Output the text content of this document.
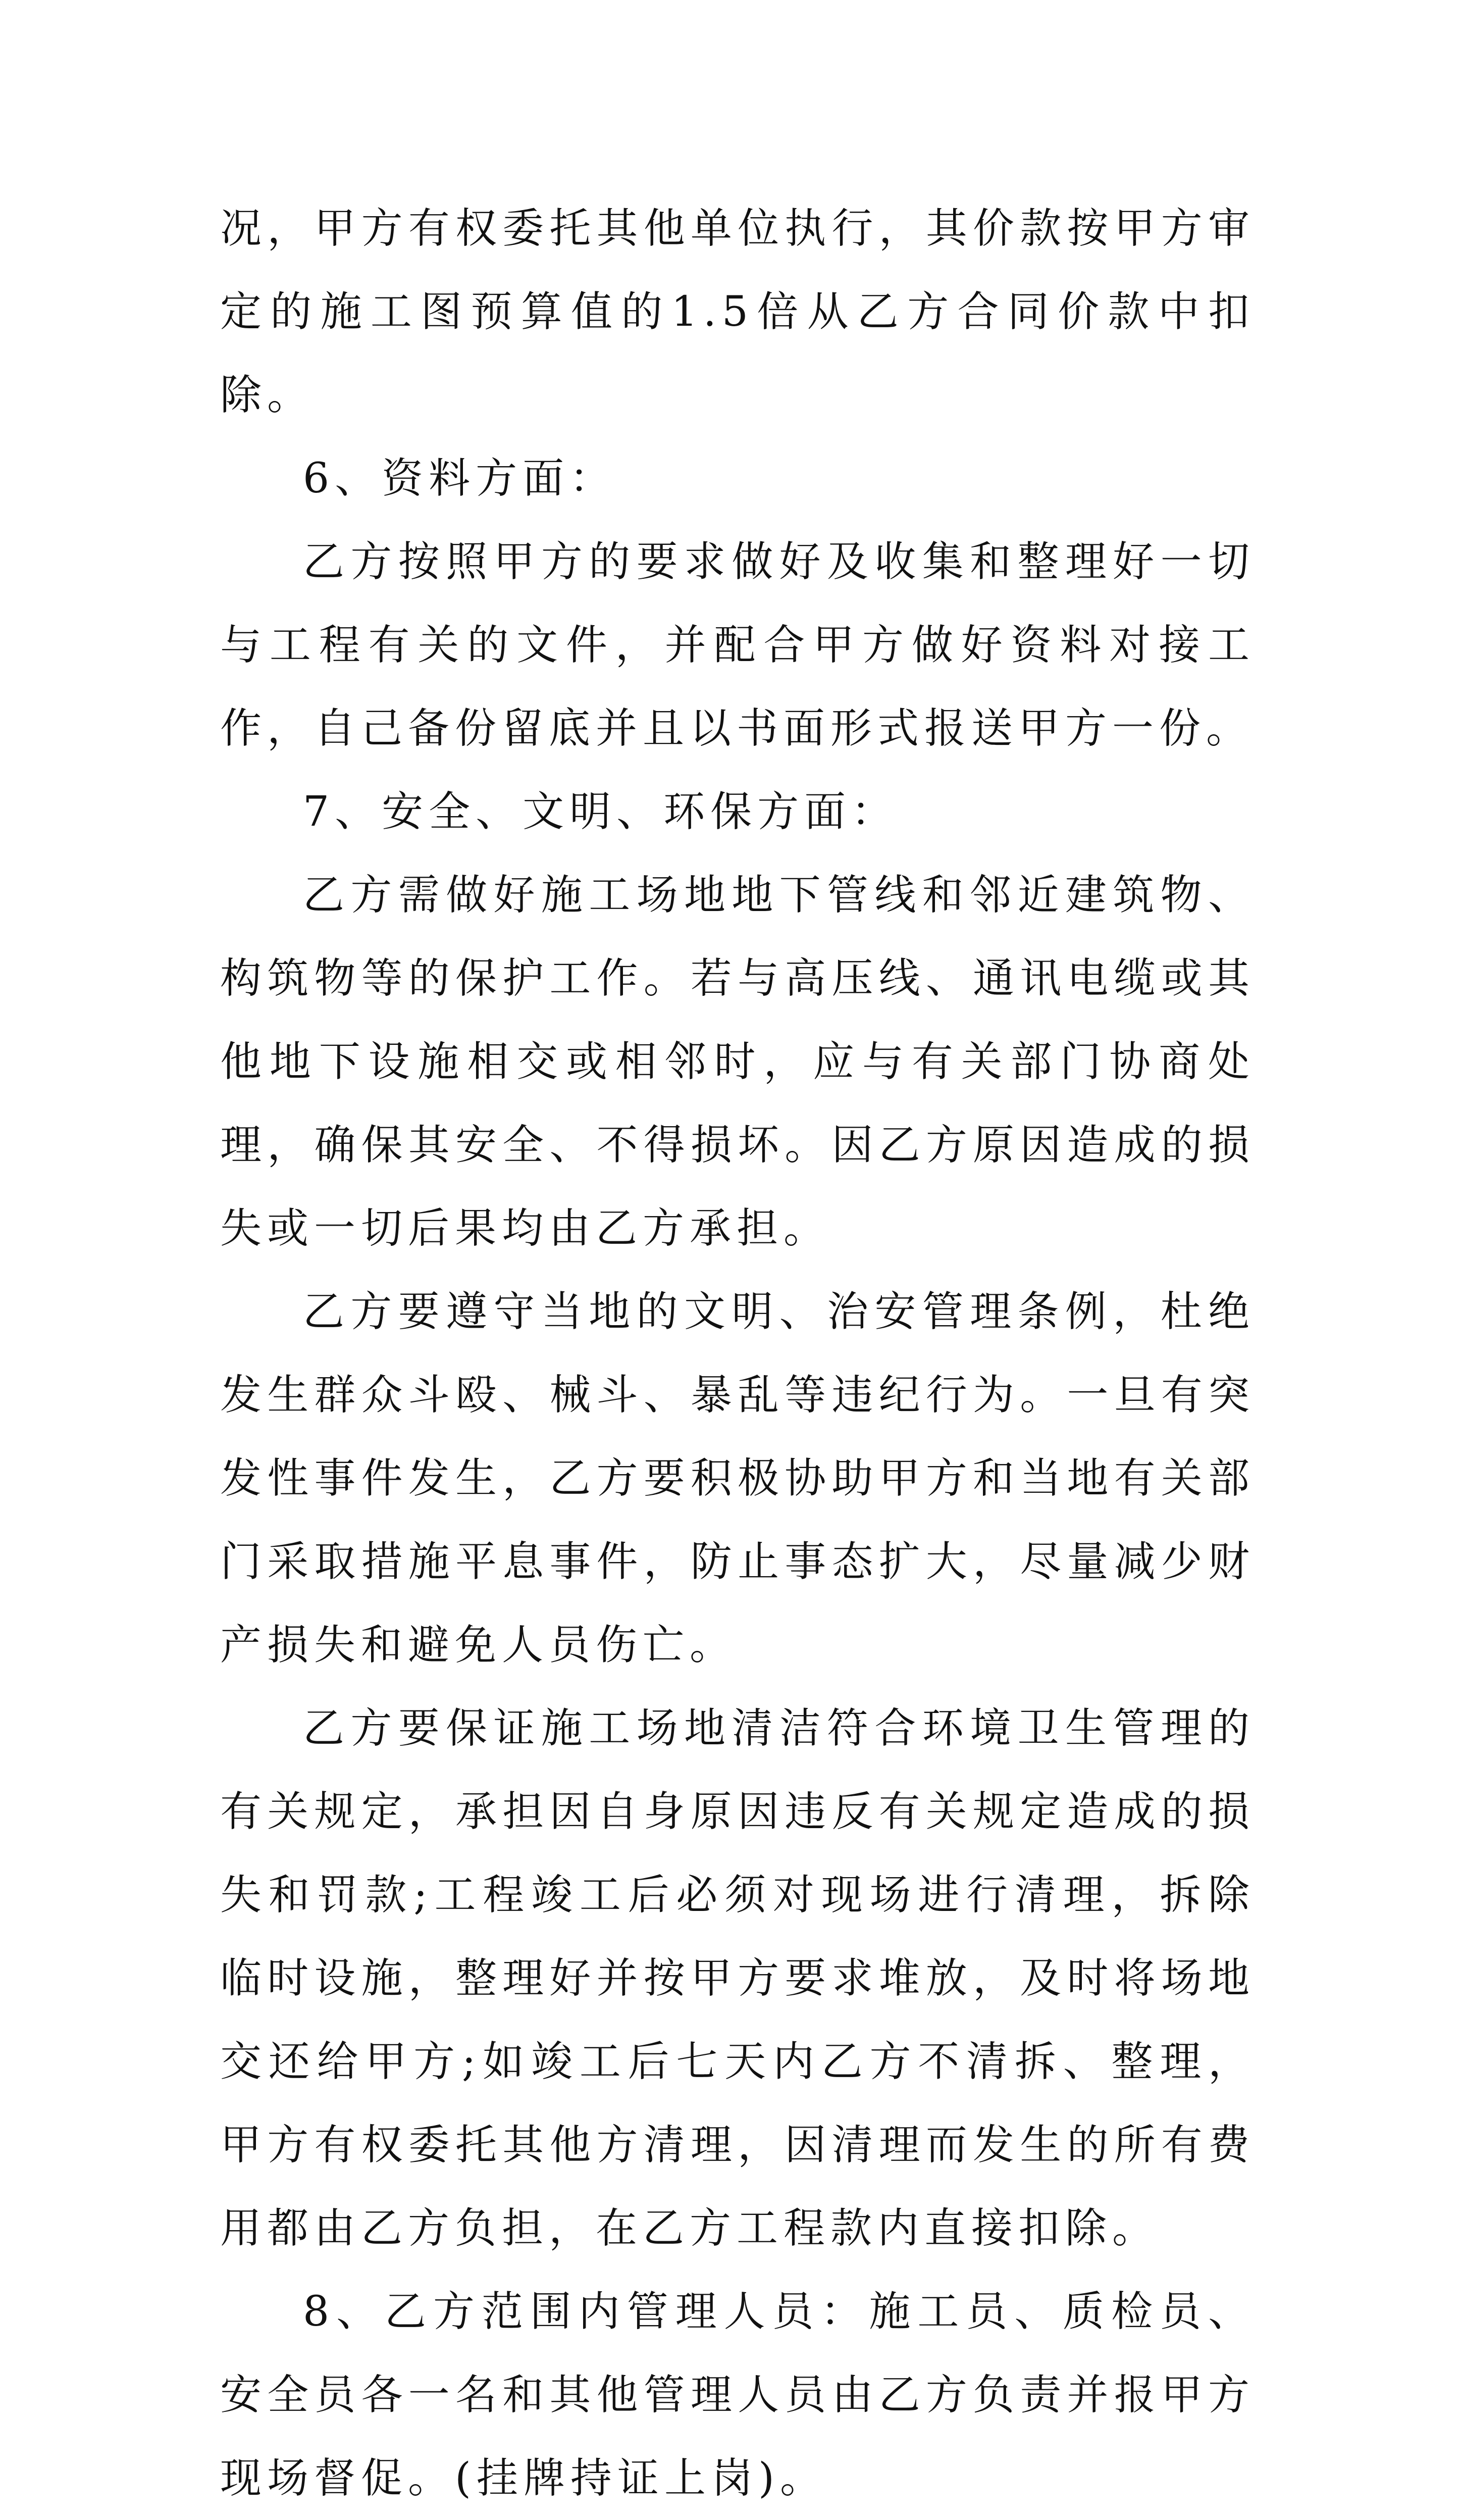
况，甲方有权委托其他单位执行，其价款按甲方审定的施工图预算值的1.5倍从乙方合同价款中扣除。

6、资料方面：

乙方按照甲方的要求做好及收集和整理好一切与工程有关的文件，并配合甲方做好资料对接工作，自己备份留底并且以书面形式报送甲方一份。

7、安全、文明、环保方面：

乙方需做好施工场地地下管线和邻近建筑物、构筑物等的保护工作。若与高压线、通讯电缆或其他地下设施相交或相邻时，应与有关部门协商处理，确保其安全、不得损坏。因乙方原因造成的损失或一切后果均由乙方承担。

乙方要遵守当地的文明、治安管理条例，杜绝发生群众斗殴、械斗、暴乱等违纪行为。一旦有突发性事件发生，乙方要积极协助甲方和当地有关部门采取措施平息事件，防止事态扩大，尽量减少财产损失和避免人员伤亡。

乙方要保证施工场地清洁符合环境卫生管理的有关规定，承担因自身原因违反有关规定造成的损失和罚款;工程竣工后必须对现场进行清理，拆除临时设施，整理好并按甲方要求堆放，及时将场地交还给甲方;如竣工后七天内乙方不清拆、整理，甲方有权委托其他方清理，因清理而发生的所有费用都由乙方负担，在乙方工程款内直接扣除。

8、乙方范围内管理人员：施工员、质检员、安全员各一名和其他管理人员由乙方负责并报甲方现场督促。(挂牌持证上岗)。
